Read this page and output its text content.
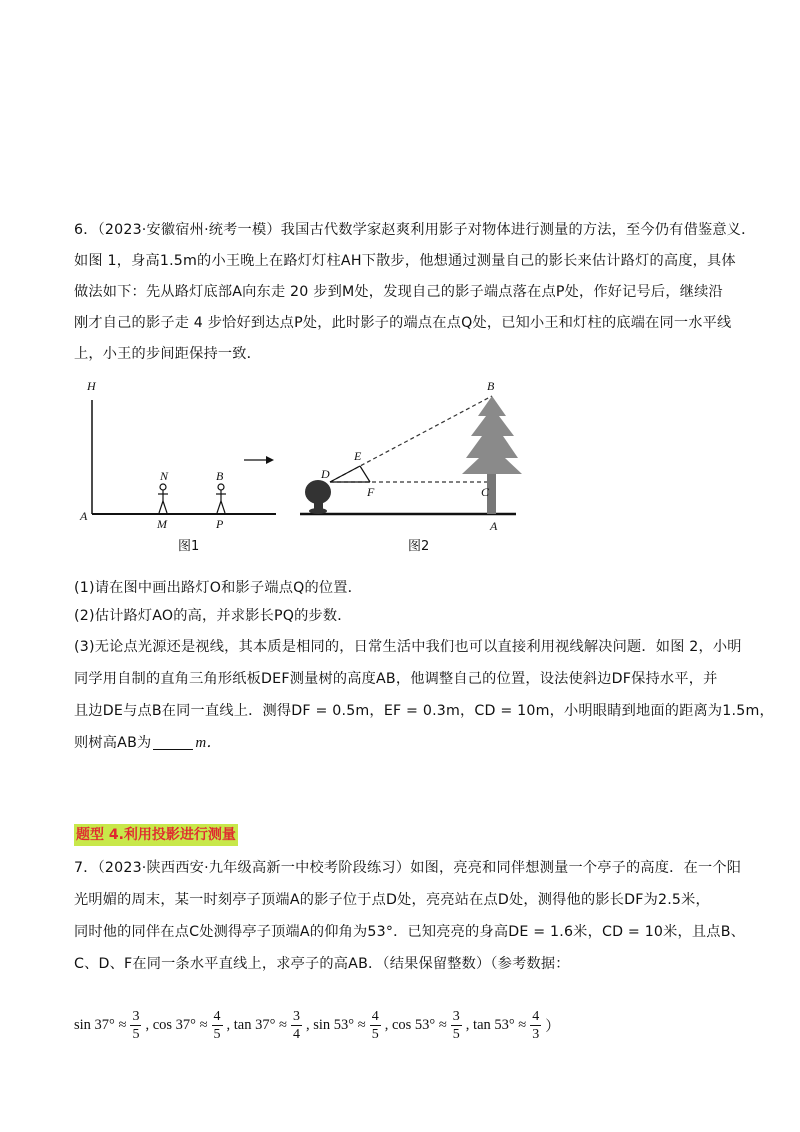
6．（2023·安徽宿州·统考一模）我国古代数学家赵爽利用影子对物体进行测量的方法，至今仍有借鉴意义．
如图 1，身高1.5m的小王晚上在路灯灯柱AH下散步，他想通过测量自己的影长来估计路灯的高度，具体
做法如下：先从路灯底部A向东走 20 步到M处，发现自己的影子端点落在点P处，作好记号后，继续沿
刚才自己的影子走 4 步恰好到达点P处，此时影子的端点在点Q处，已知小王和灯柱的底端在同一水平线
上，小王的步间距保持一致．
H
A
N
M
B
P
图1
B
E
D
F	C
A
图2
(1)请在图中画出路灯O和影子端点Q的位置．
(2)估计路灯AO的高，并求影长PQ的步数．
(3)无论点光源还是视线，其本质是相同的，日常生活中我们也可以直接利用视线解决问题．如图 2，小明
同学用自制的直角三角形纸板DEF测量树的高度AB，他调整自己的位置，设法使斜边DF保持水平，并
且边DE与点B在同一直线上．测得DF = 0.5m，EF = 0.3m，CD = 10m，小明眼睛到地面的距离为1.5m，
则树高AB为	m．
题型 4.利用投影进行测量
7．（2023·陕西西安·九年级高新一中校考阶段练习）如图，亮亮和同伴想测量一个亭子的高度．在一个阳
光明媚的周末，某一时刻亭子顶端A的影子位于点D处，亮亮站在点D处，测得他的影长DF为2.5米，
同时他的同伴在点C处测得亭子顶端A的仰角为53°．已知亮亮的身高DE = 1.6米，CD = 10米，且点B、
C、D、F在同一条水平直线上，求亭子的高AB．（结果保留整数）（参考数据：
$\sin 37^\circ \approx \frac{3}{5}$ , $\cos 37^\circ \approx \frac{4}{5}$ , $\tan 37^\circ \approx \frac{3}{4}$ , $\sin 53^\circ \approx \frac{4}{5}$ , $\cos 53^\circ \approx \frac{3}{5}$ , $\tan 53^\circ \approx \frac{4}{3}$ ）
